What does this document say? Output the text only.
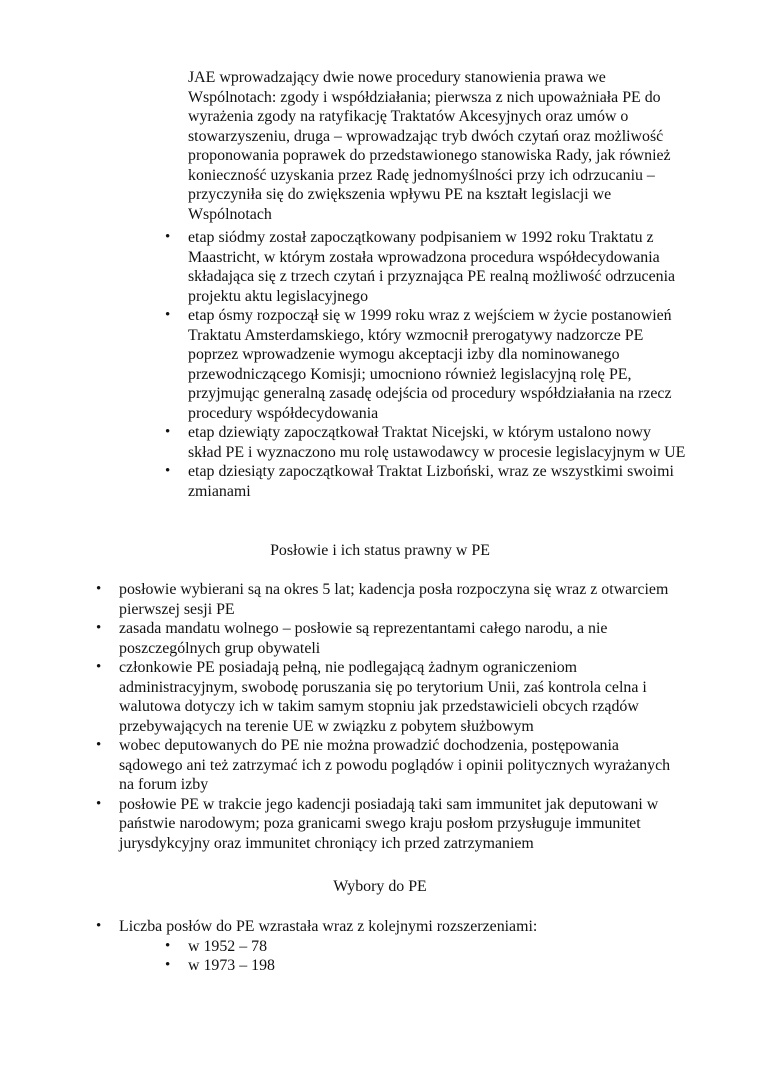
JAE wprowadzający dwie nowe procedury stanowienia prawa we Wspólnotach: zgody i współdziałania; pierwsza z nich upoważniała PE do wyrażenia zgody na ratyfikację Traktatów Akcesyjnych oraz umów o stowarzyszeniu, druga – wprowadzając tryb dwóch czytań oraz możliwość proponowania poprawek do przedstawionego stanowiska Rady, jak również konieczność uzyskania przez Radę jednomyślności przy ich odrzucaniu – przyczyniła się do zwiększenia wpływu PE na kształt legislacji we Wspólnotach

• etap siódmy został zapoczątkowany podpisaniem w 1992 roku Traktatu z Maastricht, w którym została wprowadzona procedura współdecydowania składająca się z trzech czytań i przyznająca PE realną możliwość odrzucenia projektu aktu legislacyjnego
• etap ósmy rozpoczął się w 1999 roku wraz z wejściem w życie postanowień Traktatu Amsterdamskiego, który wzmocnił prerogatywy nadzorcze PE poprzez wprowadzenie wymogu akceptacji izby dla nominowanego przewodniczącego Komisji; umocniono również legislacyjną rolę PE, przyjmując generalną zasadę odejścia od procedury współdziałania na rzecz procedury współdecydowania
• etap dziewiąty zapoczątkował Traktat Nicejski, w którym ustalono nowy skład PE i wyznaczono mu rolę ustawodawcy w procesie legislacyjnym w UE
• etap dziesiąty zapoczątkował Traktat Lizboński, wraz ze wszystkimi swoimi zmianami
Posłowie i ich status prawny w PE
• posłowie wybierani są na okres 5 lat; kadencja posła rozpoczyna się wraz z otwarciem pierwszej sesji PE
• zasada mandatu wolnego – posłowie są reprezentantami całego narodu, a nie poszczególnych grup obywateli
• członkowie PE posiadają pełną, nie podlegającą żadnym ograniczeniom administracyjnym, swobodę poruszania się po terytorium Unii, zaś kontrola celna i walutowa dotyczy ich w takim samym stopniu jak przedstawicieli obcych rządów przebywających na terenie UE w związku z pobytem służbowym
• wobec deputowanych do PE nie można prowadzić dochodzenia, postępowania sądowego ani też zatrzymać ich z powodu poglądów i opinii politycznych wyrażanych na forum izby
• posłowie PE w trakcie jego kadencji posiadają taki sam immunitet jak deputowani w państwie narodowym; poza granicami swego kraju posłom przysługuje immunitet jurysdykcyjny oraz immunitet chroniący ich przed zatrzymaniem
Wybory do PE
• Liczba posłów do PE wzrastała wraz z kolejnymi rozszerzeniami:
• w 1952 – 78
• w 1973 – 198
